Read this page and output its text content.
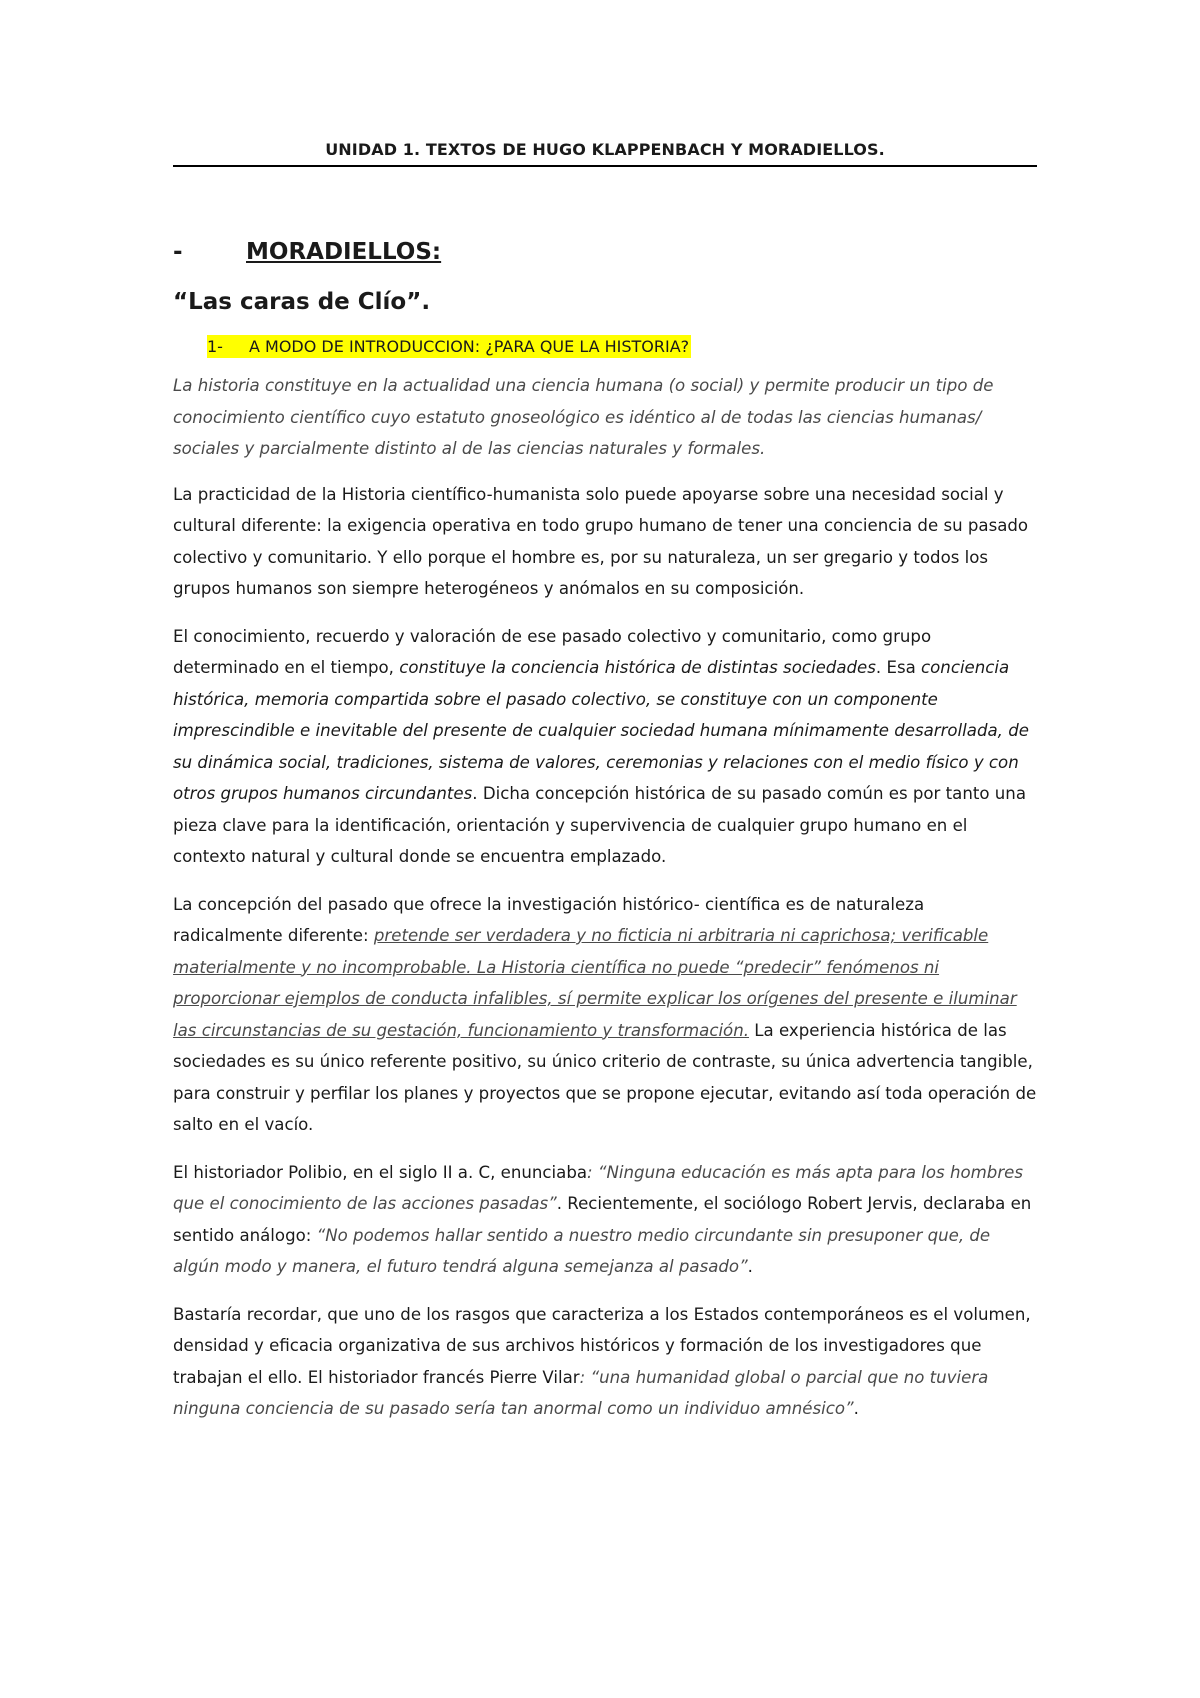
UNIDAD 1. TEXTOS DE HUGO KLAPPENBACH Y MORADIELLOS.
-	MORADIELLOS:
“Las caras de Clío”.
1- A MODO DE INTRODUCCION: ¿PARA QUE LA HISTORIA?

La historia constituye en la actualidad una ciencia humana (o social) y permite producir un tipo de conocimiento científico cuyo estatuto gnoseológico es idéntico al de todas las ciencias humanas/ sociales y parcialmente distinto al de las ciencias naturales y formales.

La practicidad de la Historia científico-humanista solo puede apoyarse sobre una necesidad social y cultural diferente: la exigencia operativa en todo grupo humano de tener una conciencia de su pasado colectivo y comunitario. Y ello porque el hombre es, por su naturaleza, un ser gregario y todos los grupos humanos son siempre heterogéneos y anómalos en su composición.

El conocimiento, recuerdo y valoración de ese pasado colectivo y comunitario, como grupo determinado en el tiempo, constituye la conciencia histórica de distintas sociedades. Esa conciencia histórica, memoria compartida sobre el pasado colectivo, se constituye con un componente imprescindible e inevitable del presente de cualquier sociedad humana mínimamente desarrollada, de su dinámica social, tradiciones, sistema de valores, ceremonias y relaciones con el medio físico y con otros grupos humanos circundantes. Dicha concepción histórica de su pasado común es por tanto una pieza clave para la identificación, orientación y supervivencia de cualquier grupo humano en el contexto natural y cultural donde se encuentra emplazado.

La concepción del pasado que ofrece la investigación histórico- científica es de naturaleza radicalmente diferente: pretende ser verdadera y no ficticia ni arbitraria ni caprichosa; verificable materialmente y no incomprobable. La Historia científica no puede “predecir” fenómenos ni proporcionar ejemplos de conducta infalibles, sí permite explicar los orígenes del presente e iluminar las circunstancias de su gestación, funcionamiento y transformación. La experiencia histórica de las sociedades es su único referente positivo, su único criterio de contraste, su única advertencia tangible, para construir y perfilar los planes y proyectos que se propone ejecutar, evitando así toda operación de salto en el vacío.

El historiador Polibio, en el siglo II a. C, enunciaba: “Ninguna educación es más apta para los hombres que el conocimiento de las acciones pasadas”. Recientemente, el sociólogo Robert Jervis, declaraba en sentido análogo: “No podemos hallar sentido a nuestro medio circundante sin presuponer que, de algún modo y manera, el futuro tendrá alguna semejanza al pasado”.

Bastaría recordar, que uno de los rasgos que caracteriza a los Estados contemporáneos es el volumen, densidad y eficacia organizativa de sus archivos históricos y formación de los investigadores que trabajan el ello. El historiador francés Pierre Vilar: “una humanidad global o parcial que no tuviera ninguna conciencia de su pasado sería tan anormal como un individuo amnésico”.
